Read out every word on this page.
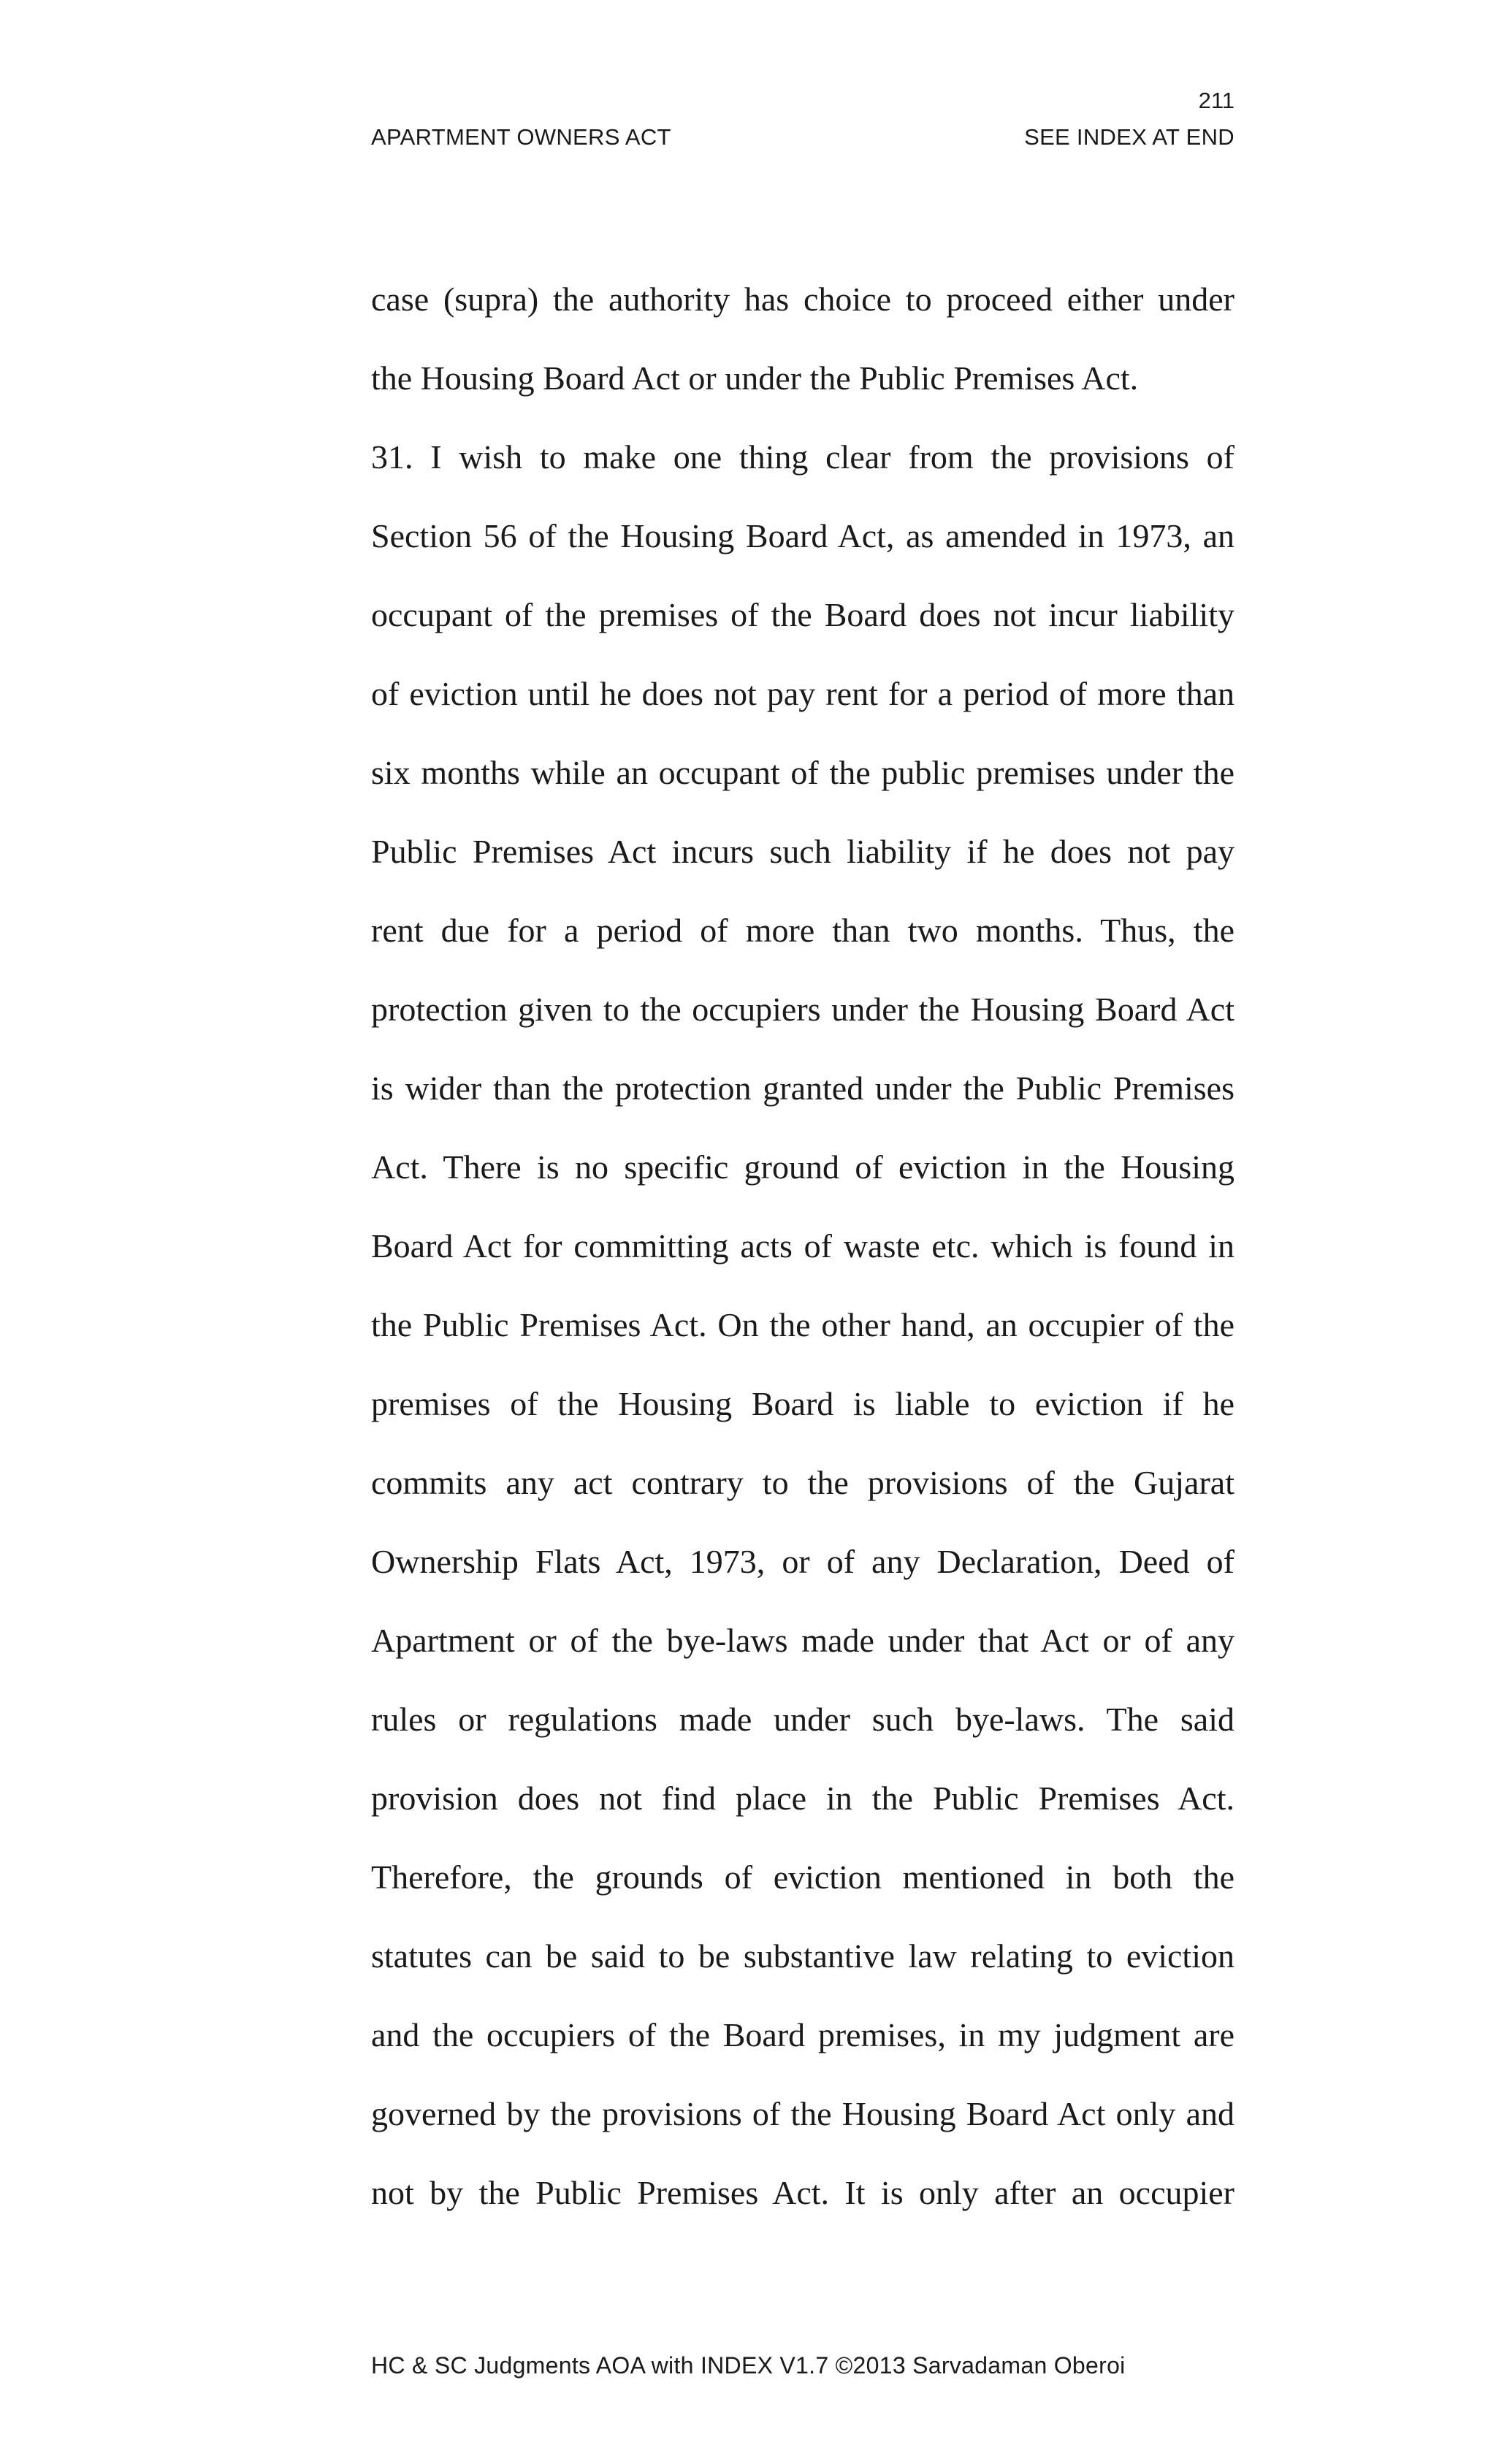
211
APARTMENT OWNERS ACT	SEE INDEX AT END
case (supra) the authority has choice to proceed either under
the Housing Board Act or under the Public Premises Act.
31. I wish to make one thing clear from the provisions of
Section 56 of the Housing Board Act, as amended in 1973, an
occupant of the premises of the Board does not incur liability
of eviction until he does not pay rent for a period of more than
six months while an occupant of the public premises under the
Public Premises Act incurs such liability if he does not pay
rent due for a period of more than two months. Thus, the
protection given to the occupiers under the Housing Board Act
is wider than the protection granted under the Public Premises
Act. There is no specific ground of eviction in the Housing
Board Act for committing acts of waste etc. which is found in
the Public Premises Act. On the other hand, an occupier of the
premises of the Housing Board is liable to eviction if he
commits any act contrary to the provisions of the Gujarat
Ownership Flats Act, 1973, or of any Declaration, Deed of
Apartment or of the bye-laws made under that Act or of any
rules or regulations made under such bye-laws. The said
provision does not find place in the Public Premises Act.
Therefore, the grounds of eviction mentioned in both the
statutes can be said to be substantive law relating to eviction
and the occupiers of the Board premises, in my judgment are
governed by the provisions of the Housing Board Act only and
not by the Public Premises Act. It is only after an occupier
HC & SC Judgments AOA with INDEX V1.7 ©2013 Sarvadaman Oberoi
